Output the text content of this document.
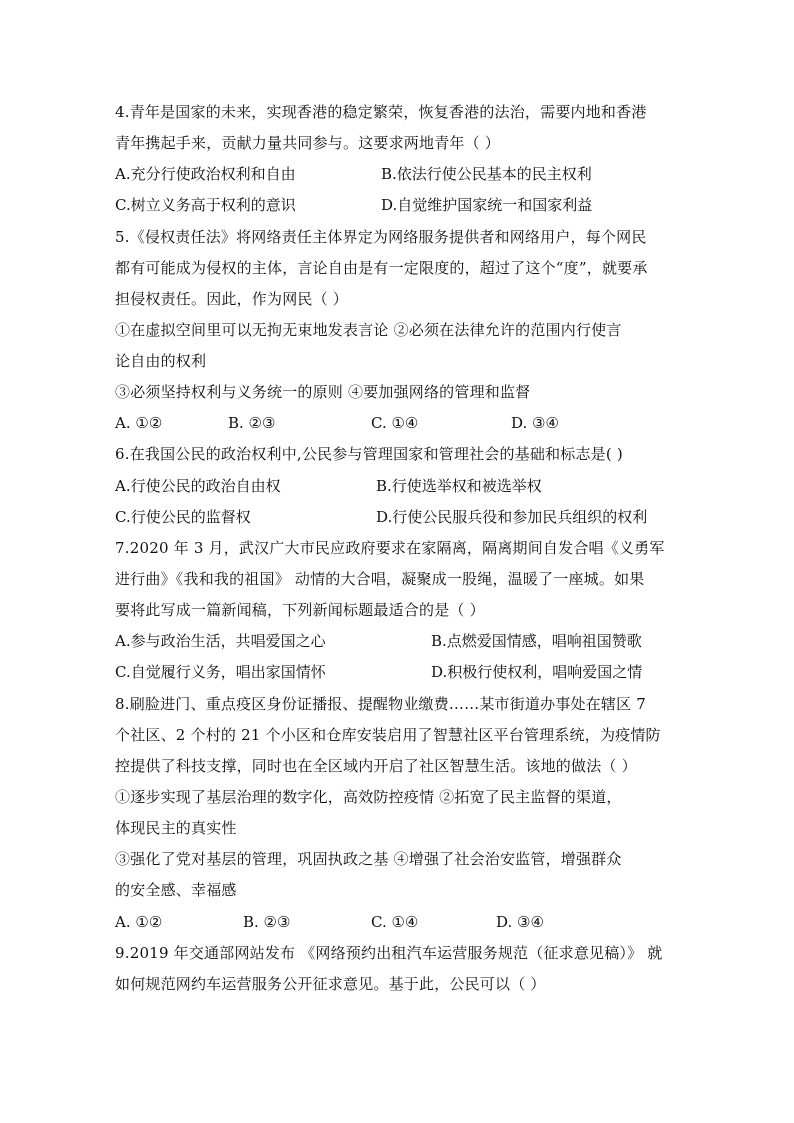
4.青年是国家的未来，实现香港的稳定繁荣，恢复香港的法治，需要内地和香港
青年携起手来，贡献力量共同参与。这要求两地青年（ ）
A.充分行使政治权利和自由	B.依法行使公民基本的民主权利
C.树立义务高于权利的意识	D.自觉维护国家统一和国家利益
5.《侵权责任法》将网络责任主体界定为网络服务提供者和网络用户，每个网民
都有可能成为侵权的主体，言论自由是有一定限度的，超过了这个“度”，就要承
担侵权责任。因此，作为网民（ ）
①在虚拟空间里可以无拘无束地发表言论 ②必须在法律允许的范围内行使言
论自由的权利
③必须坚持权利与义务统一的原则 ④要加强网络的管理和监督
A. ①②	B. ②③	C. ①④	D. ③④
6.在我国公民的政治权利中,公民参与管理国家和管理社会的基础和标志是( )
A.行使公民的政治自由权	B.行使选举权和被选举权
C.行使公民的监督权	D.行使公民服兵役和参加民兵组织的权利
7.2020 年 3 月，武汉广大市民应政府要求在家隔离，隔离期间自发合唱《义勇军
进行曲》《我和我的祖国》 动情的大合唱，凝聚成一股绳，温暖了一座城。如果
要将此写成一篇新闻稿，下列新闻标题最适合的是（ ）
A.参与政治生活，共唱爱国之心	B.点燃爱国情感，唱响祖国赞歌
C.自觉履行义务，唱出家国情怀	D.积极行使权利，唱响爱国之情
8.刷脸进门、重点疫区身份证播报、提醒物业缴费……某市街道办事处在辖区 7
个社区、2 个村的 21 个小区和仓库安装启用了智慧社区平台管理系统，为疫情防
控提供了科技支撑，同时也在全区域内开启了社区智慧生活。该地的做法（ ）
①逐步实现了基层治理的数字化，高效防控疫情 ②拓宽了民主监督的渠道，
体现民主的真实性
③强化了党对基层的管理，巩固执政之基 ④增强了社会治安监管，增强群众
的安全感、幸福感
A. ①②	B. ②③	C. ①④	D. ③④
9.2019 年交通部网站发布 《网络预约出租汽车运营服务规范（征求意见稿）》 就
如何规范网约车运营服务公开征求意见。基于此，公民可以（ ）
